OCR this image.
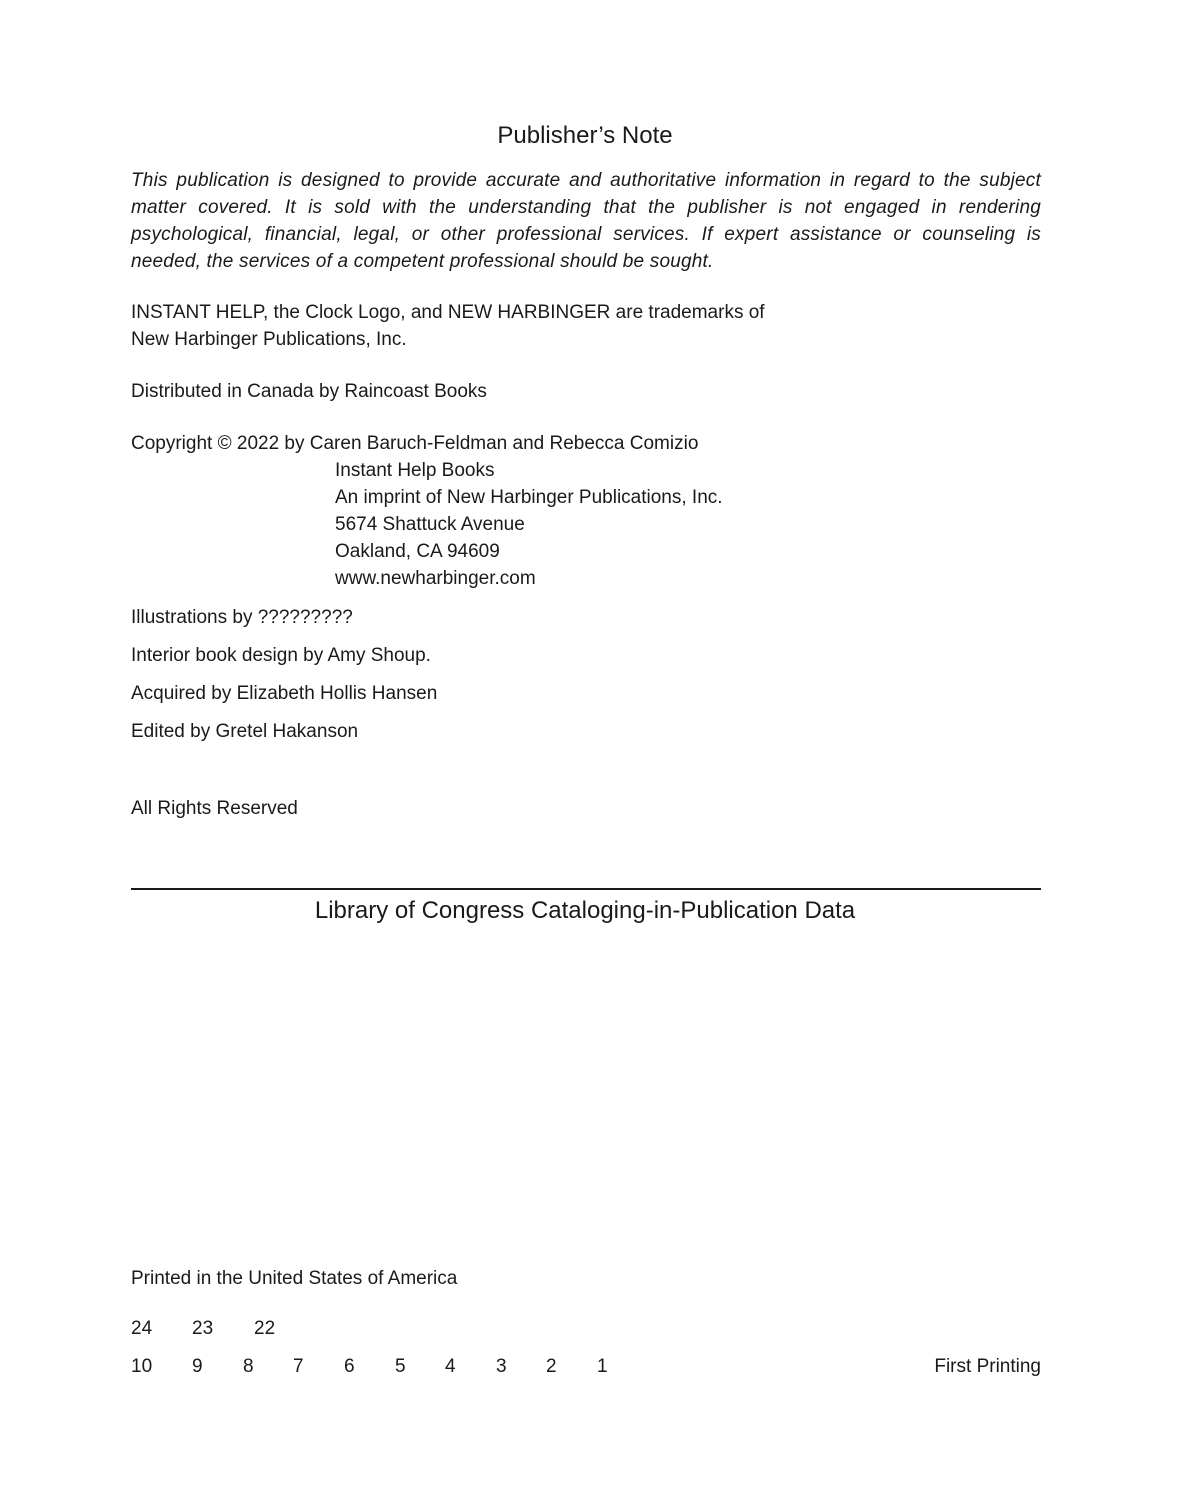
Publisher’s Note
This publication is designed to provide accurate and authoritative information in regard to the subject matter covered. It is sold with the understanding that the publisher is not engaged in rendering psychological, financial, legal, or other professional services. If expert assistance or counseling is needed, the services of a competent professional should be sought.
INSTANT HELP, the Clock Logo, and NEW HARBINGER are trademarks of
New Harbinger Publications, Inc.
Distributed in Canada by Raincoast Books
Copyright © 2022 by Caren Baruch-Feldman and Rebecca Comizio
Instant Help Books
An imprint of New Harbinger Publications, Inc.
5674 Shattuck Avenue
Oakland, CA 94609
www.newharbinger.com
Illustrations by ?????????
Interior book design by Amy Shoup.
Acquired by Elizabeth Hollis Hansen
Edited by Gretel Hakanson
All Rights Reserved
Library of Congress Cataloging-in-Publication Data
Printed in the United States of America
24 23 22
10 9 8 7 6 5 4 3 2 1	First Printing
